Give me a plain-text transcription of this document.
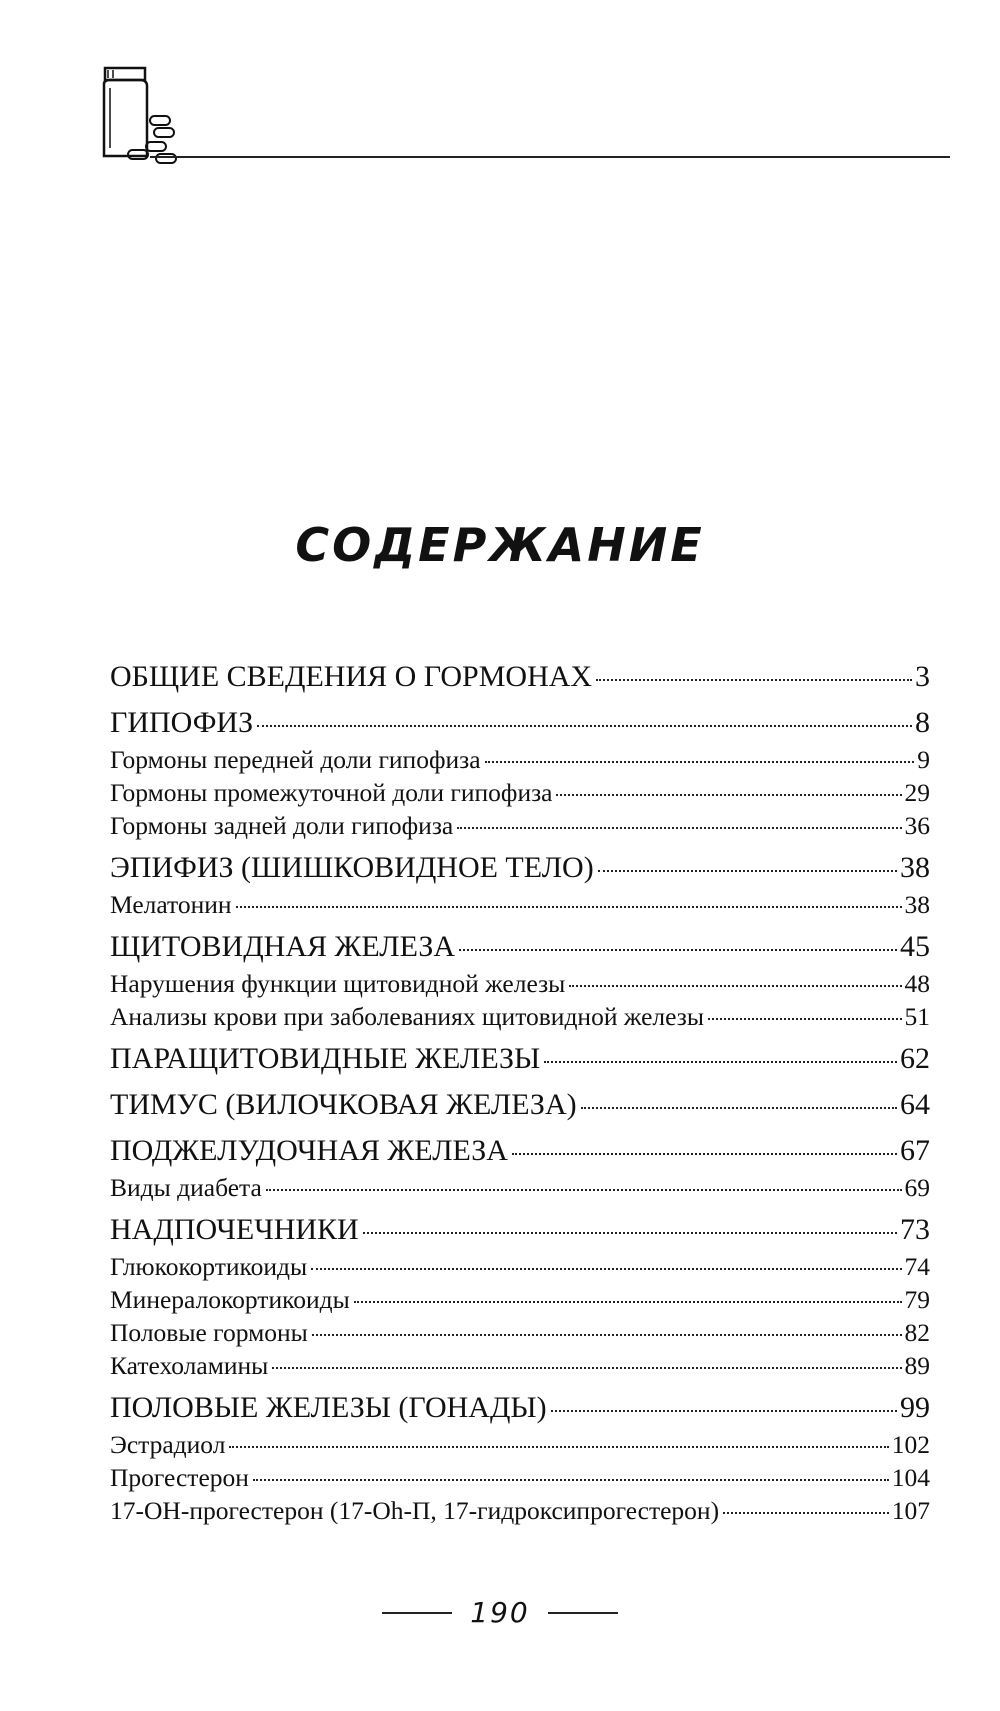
СОДЕРЖАНИЕ
ОБЩИЕ СВЕДЕНИЯ О ГОРМОНАХ	3
ГИПОФИЗ	8
Гормоны передней доли гипофиза	9
Гормоны промежуточной доли гипофиза	29
Гормоны задней доли гипофиза	36
ЭПИФИЗ (ШИШКОВИДНОЕ ТЕЛО)	38
Мелатонин	38
ЩИТОВИДНАЯ ЖЕЛЕЗА	45
Нарушения функции щитовидной железы	48
Анализы крови при заболеваниях щитовидной железы	51
ПАРАЩИТОВИДНЫЕ ЖЕЛЕЗЫ	62
ТИМУС (ВИЛОЧКОВАЯ ЖЕЛЕЗА)	64
ПОДЖЕЛУДОЧНАЯ ЖЕЛЕЗА	67
Виды диабета	69
НАДПОЧЕЧНИКИ	73
Глюкокортикоиды	74
Минералокортикоиды	79
Половые гормоны	82
Катехоламины	89
ПОЛОВЫЕ ЖЕЛЕЗЫ (ГОНАДЫ)	99
Эстрадиол	102
Прогестерон	104
17-ОН-прогестерон (17-Oh-П, 17-гидроксипрогестерон)	107
190
